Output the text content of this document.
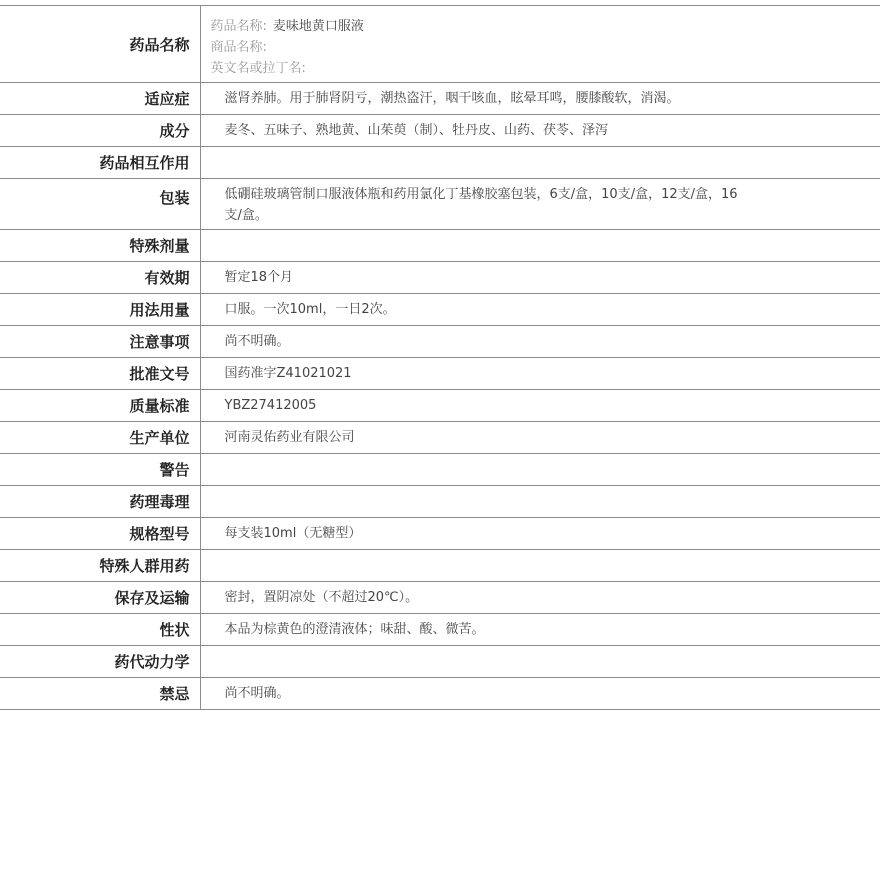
药品名称	药品名称: 麦味地黄口服液
商品名称:
英文名或拉丁名:

适应症	滋肾养肺。用于肺肾阴亏，潮热盗汗，咽干咳血，眩晕耳鸣，腰膝酸软，消渴。
成分	麦冬、五味子、熟地黄、山茱萸（制）、牡丹皮、山药、茯苓、泽泻
药品相互作用	
包装	低硼硅玻璃管制口服液体瓶和药用氯化丁基橡胶塞包装，6支/盒，10支/盒，12支/盒，16支/盒。
特殊剂量	
有效期	暂定18个月
用法用量	口服。一次10ml，一日2次。
注意事项	尚不明确。
批准文号	国药准字Z41021021
质量标准	YBZ27412005
生产单位	河南灵佑药业有限公司
警告	
药理毒理	
规格型号	每支装10ml（无糖型）
特殊人群用药	
保存及运输	密封，置阴凉处（不超过20℃）。
性状	本品为棕黄色的澄清液体；味甜、酸、微苦。
药代动力学	
禁忌	尚不明确。
